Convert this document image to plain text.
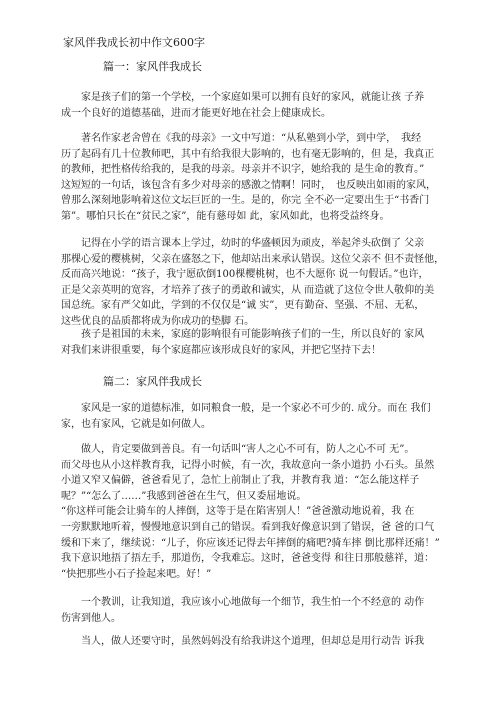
家风伴我成长初中作文600字
篇一：家风伴我成长
　　家是孩子们的第一个学校，一个家庭如果可以拥有良好的家风，就能让孩 子养
成一个良好的道德基础，进而才能更好地在社会上健康成长。
　　著名作家老舍曾在《我的母亲》一文中写道：“从私塾到小学，到中学，　我经
历了起码有几十位教师吧，其中有给我很大影响的，也有毫无影响的，但 是，我真正
的教师，把性格传给我的，是我的母亲。母亲并不识字，她给我的 是生命的教育。”
这短短的一句话，该包含有多少对母亲的感激之情啊！同时，　也反映出如雨的家风，
曾那么深刻地影响着这位文坛巨匠的一生。是的，你完 全不必一定要出生于“书香门
第”。哪怕只长在“贫民之家”，能有慈母如 此，家风如此，也将受益终身。
　　记得在小学的语言课本上学过，幼时的华盛顿因为顽皮，举起斧头砍倒了 父亲
那棵心爱的樱桃树，父亲在盛怒之下，他却站出来承认错误。这位父亲不 但不责怪他，
反而高兴地说：“孩子，我宁愿砍倒100棵樱桃树，也不大愿你 说一句假话。”也许，
正是父亲英明的宽容，才培养了孩子的勇敢和诚实，从 而造就了这位令世人敬仰的美
国总统。家有严父如此，学到的不仅仅是“诚 实”，更有勤奋、坚强、不屈、无私，
这些优良的品质都将成为你成功的垫脚 石。
　　孩子是祖国的未来，家庭的影响很有可能影响孩子们的一生，所以良好的 家风
对我们来讲很重要，每个家庭都应该形成良好的家风，并把它坚持下去！
篇二：家风伴我成长
　　家风是一家的道德标准，如同粮食一般，是一个家必不可少的. 成分。而在 我们
家，也有家风，它就是如何做人。
　　做人，肯定要做到善良。有一句话叫“害人之心不可有，防人之心不可 无”。
而父母也从小这样教育我，记得小时候，有一次，我故意向一条小道扔 小石头。虽然
小道又窄又偏僻，爸爸看见了，急忙上前制止了我，并教育我 道：“怎么能这样子
呢？”“怎么了……”我感到爸爸在生气，但又委屈地说。
“你这样可能会让骑车的人摔倒，这等于是在陷害别人！”爸爸激动地说着，我 在
一旁默默地听着，慢慢地意识到自己的错误。看到我好像意识到了错误，爸 爸的口气
缓和下来了，继续说：“儿子，你应该还记得去年摔倒的痛吧?骑车摔 倒比那样还痛！”
我下意识地捂了捂左手，那道伤，令我难忘。这时，爸爸变得 和往日那般慈祥，道：
“快把那些小石子捡起来吧。好！”
　　一个教训，让我知道，我应该小心地做每一个细节，我生怕一个不经意的 动作
伤害到他人。
　　当人，做人还要守时，虽然妈妈没有给我讲这个道理，但却总是用行动告 诉我
